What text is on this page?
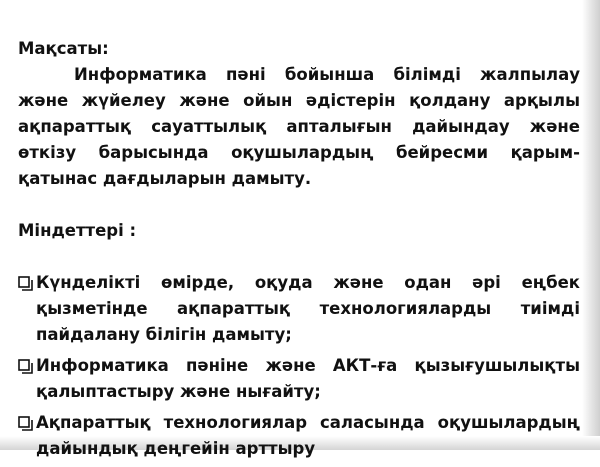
Мақсаты:

Информатика пәні бойынша білімді жалпылау және жүйелеу және ойын әдістерін қолдану арқылы ақпараттық сауаттылық апталығын дайындау және өткізу барысында оқушылардың бейресми қарым-қатынас дағдыларын дамыту.

Міндеттері :

Күнделікті өмірде, оқуда және одан әрі еңбек қызметінде ақпараттық технологияларды тиімді пайдалану білігін дамыту;
Информатика пәніне және АКТ-ға қызығушылықты қалыптастыру және нығайту;
Ақпараттық технологиялар саласында оқушылардың дайындық деңгейін арттыру
